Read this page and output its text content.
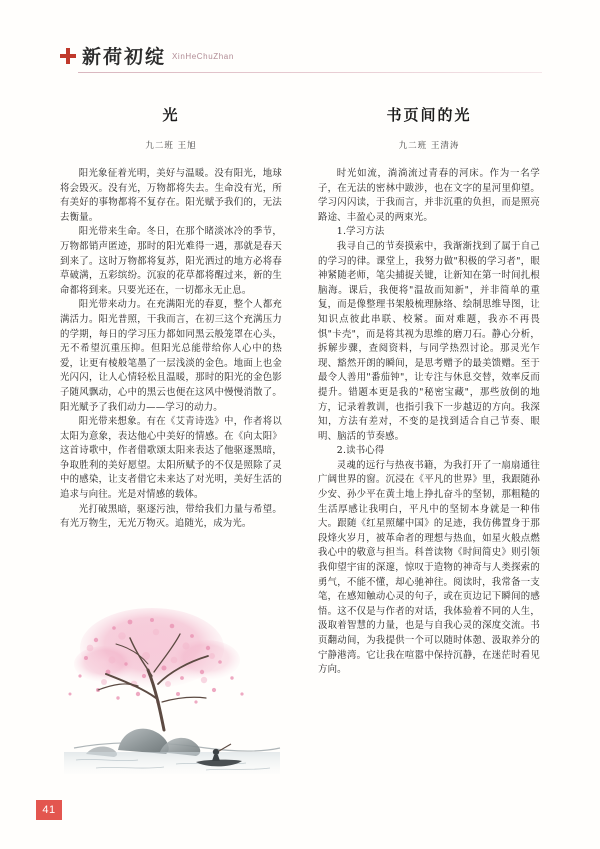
新荷初绽 XinHeChuZhan
光
九二班 王旭

阳光象征着光明，美好与温暖。没有阳光，地球将会毁灭。没有光，万物都将失去。生命没有光，所有美好的事物都将不复存在。阳光赋予我们的，无法去衡量。

阳光带来生命。冬日，在那个睹淡冰冷的季节，万物都销声匿迹，那时的阳光难得一遇，那就是春天到来了。这时万物都将复苏，阳光洒过的地方必将春草破满，五彩缤纷。沉寂的花草都将醒过来，新的生命都将到来。只要光还在，一切都永无止息。

阳光带来动力。在充满阳光的春夏，整个人都充满活力。阳光普照，干我而言，在初三这个充满压力的学期，每日的学习压力都如同黑云般笼罩在心头，无不希望沉重压抑。但阳光总能带给你人心中的热爱，让更有棱般笔墨了一层浅淡的金色。地面上也金光闪闪，让人心情轻松且温暖，那时的阳光的金色影子随风飘动，心中的黑云也便在这风中慢慢消散了。阳光赋予了我们动力——学习的动力。

阳光带来想象。有在《艾青诗选》中，作者将以太阳为意象，表达他心中美好的情感。在《向太阳》这首诗歌中，作者借歌颂太阳来表达了他驱逐黑暗，争取胜利的美好愿望。太阳所赋予的不仅是照除了灵中的感染，让支者借它未来达了对光明，美好生活的追求与向往。光是对情感的载体。

光打破黑暗，驱逐污浊，带给我们力量与希望。有光万物生，无光万物灭。追随光，成为光。

书页间的光
九二班 王清涛

时光如流，淌淌流过青春的河床。作为一名学子，在无法的密林中跋涉，也在文字的星河里仰望。学习闪闪读，于我而言，并非沉重的负担，而是照亮路途、丰盈心灵的两束光。

1.学习方法

我寻自己的节奏摸索中，我渐渐找到了属于自己的学习的律。课堂上，我努力做"积极的学习者"，眼神紧随老师，笔尖捕捉关键，让新知在第一时间扎根脑海。课后，我便将"温故而知新"，并非简单的重复，而是像整理书架般梳理脉络、绘制思维导图，让知识点彼此串联、校紧。面对难题，我亦不再畏惧"卡壳"，而是将其视为思维的磨刀石。静心分析，拆解步骤，查阅资料，与同学热烈讨论。那灵光乍现、豁然开朗的瞬间，是思考赠予的最美馈赠。至于最令人善用"番茄钟"，让专注与休息交替，效率反而提升。错题本更是我的"秘密宝藏"，那些放倒的地方，记录着教训，也指引我下一步越迈的方向。我深知，方法有差对，不变的是找到适合自己节奏、眼明、脑活的节奏感。

2.读书心得

灵魂的远行与热夜书籍，为我打开了一扇扇通往广阔世界的窗。沉浸在《平凡的世界》里，我跟随孙少安、孙少平在黄土地上挣扎奋斗的坚韧，那粗糙的生活厚感让我明白，平凡中的坚韧本身就是一种伟大。跟随《红星照耀中国》的足迹，我仿佛置身于那段烽火岁月，被革命者的理想与热血，如星火般点燃我心中的敬意与担当。科普读物《时间简史》则引领我仰望宇宙的深邃，惊叹于造物的神奇与人类探索的勇气，不能不懂，却心驰神往。阅读时，我常备一支笔，在感知触动心灵的句子，或在页边记下瞬间的感悟。这不仅是与作者的对话，我体验着不同的人生，汲取着智慧的力量，也是与自我心灵的深度交流。书页翻动间，为我提供一个可以随时体憩、汲取养分的宁静港湾。它让我在喧嚣中保持沉静，在迷茫时看见方向。

41
